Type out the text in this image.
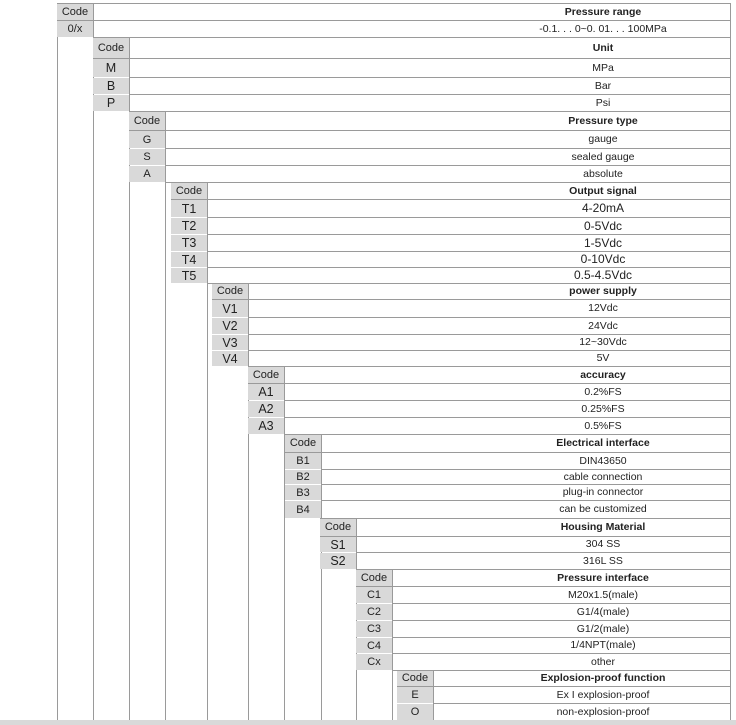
Code	Pressure range
0/x	-0.1. . . 0~0. 01. . . 100MPa
Code	Unit
M	MPa
B	Bar
P	Psi
Code	Pressure type
G	gauge
S	sealed gauge
A	absolute
Code	Output signal
T1	4-20mA
T2	0-5Vdc
T3	1-5Vdc
T4	0-10Vdc
T5	0.5-4.5Vdc
Code	power supply
V1	12Vdc
V2	24Vdc
V3	12~30Vdc
V4	5V
Code	accuracy
A1	0.2%FS
A2	0.25%FS
A3	0.5%FS
Code	Electrical interface
B1	DIN43650
B2	cable connection
B3	plug-in connector
B4	can be customized
Code	Housing Material
S1	304 SS
S2	316L SS
Code	Pressure interface
C1	M20x1.5(male)
C2	G1/4(male)
C3	G1/2(male)
C4	1/4NPT(male)
Cx	other
Code	Explosion-proof function
E	Ex I explosion-proof
O	non-explosion-proof
